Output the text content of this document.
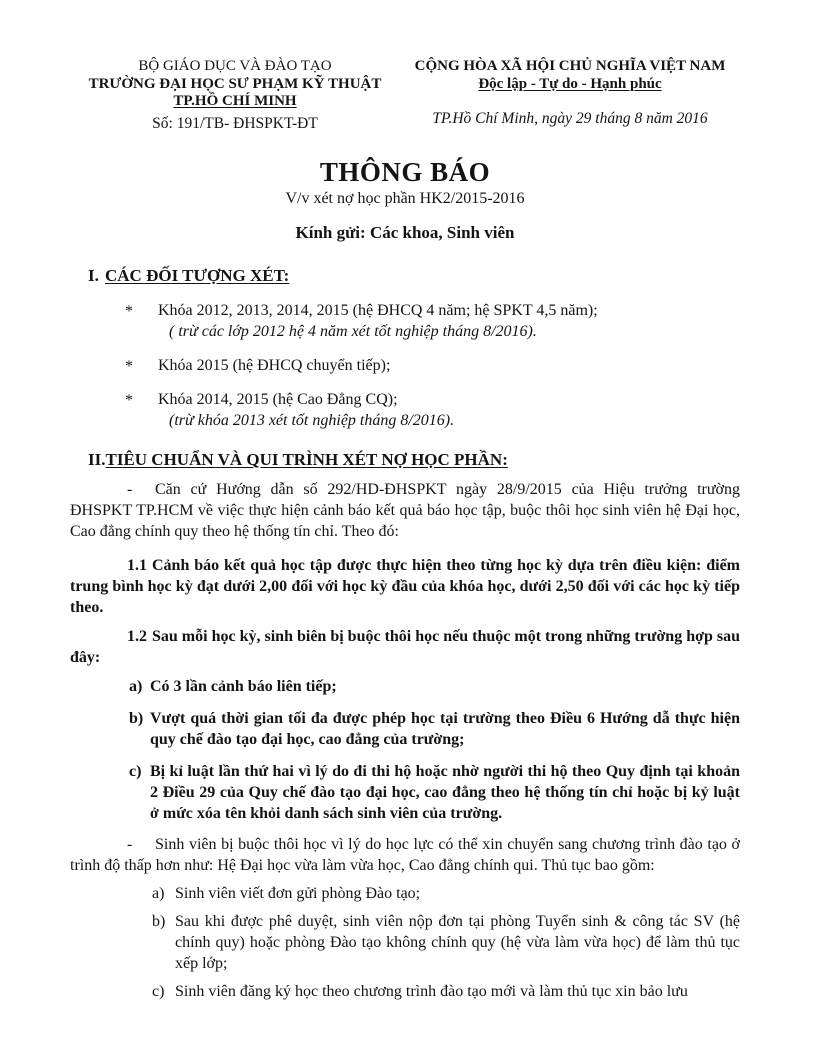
BỘ GIÁO DỤC VÀ ĐÀO TẠO
TRƯỜNG ĐẠI HỌC SƯ PHẠM KỸ THUẬT
TP.HỒ CHÍ MINH
Số: 191/TB- ĐHSPKT-ĐT
CỘNG HÒA XÃ HỘI CHỦ NGHĨA VIỆT NAM
Độc lập - Tự do - Hạnh phúc
TP.Hồ Chí Minh, ngày 29 tháng 8 năm 2016
THÔNG BÁO
V/v xét nợ học phần HK2/2015-2016
Kính gửi: Các khoa, Sinh viên
I. CÁC ĐỐI TƯỢNG XÉT:
* Khóa 2012, 2013, 2014, 2015 (hệ ĐHCQ 4 năm; hệ SPKT 4,5 năm);
( trừ các lớp 2012 hệ 4 năm xét tốt nghiệp tháng 8/2016).
* Khóa 2015 (hệ ĐHCQ chuyển tiếp);
* Khóa 2014, 2015 (hệ Cao Đẳng CQ);
(trừ khóa 2013 xét tốt nghiệp tháng 8/2016).
II.TIÊU CHUẨN VÀ QUI TRÌNH XÉT NỢ HỌC PHẦN:

- Căn cứ Hướng dẫn số 292/HD-ĐHSPKT ngày 28/9/2015 của Hiệu trưởng trường ĐHSPKT TP.HCM về việc thực hiện cảnh báo kết quả báo học tập, buộc thôi học sinh viên hệ Đại học, Cao đẳng chính quy theo hệ thống tín chỉ. Theo đó:

1.1 Cảnh báo kết quả học tập được thực hiện theo từng học kỳ dựa trên điều kiện: điểm trung bình học kỳ đạt dưới 2,00 đối với học kỳ đầu của khóa học, dưới 2,50 đối với các học kỳ tiếp theo.

1.2 Sau mỗi học kỳ, sinh biên bị buộc thôi học nếu thuộc một trong những trường hợp sau đây:

a) Có 3 lần cảnh báo liên tiếp;
b) Vượt quá thời gian tối đa được phép học tại trường theo Điều 6 Hướng dẫ thực hiện quy chế đào tạo đại học, cao đẳng của trường;
c) Bị kỉ luật lần thứ hai vì lý do đi thi hộ hoặc nhờ người thi hộ theo Quy định tại khoản 2 Điều 29 của Quy chế đào tạo đại học, cao đẳng theo hệ thống tín chỉ hoặc bị kỷ luật ở mức xóa tên khỏi danh sách sinh viên của trường.

- Sinh viên bị buộc thôi học vì lý do học lực có thể xin chuyển sang chương trình đào tạo ở trình độ thấp hơn như: Hệ Đại học vừa làm vừa học, Cao đẳng chính qui. Thủ tục bao gồm:

a) Sinh viên viết đơn gửi phòng Đào tạo;
b) Sau khi được phê duyệt, sinh viên nộp đơn tại phòng Tuyển sinh & công tác SV (hệ chính quy) hoặc phòng Đào tạo không chính quy (hệ vừa làm vừa học) để làm thủ tục xếp lớp;
c) Sinh viên đăng ký học theo chương trình đào tạo mới và làm thủ tục xin bảo lưu
